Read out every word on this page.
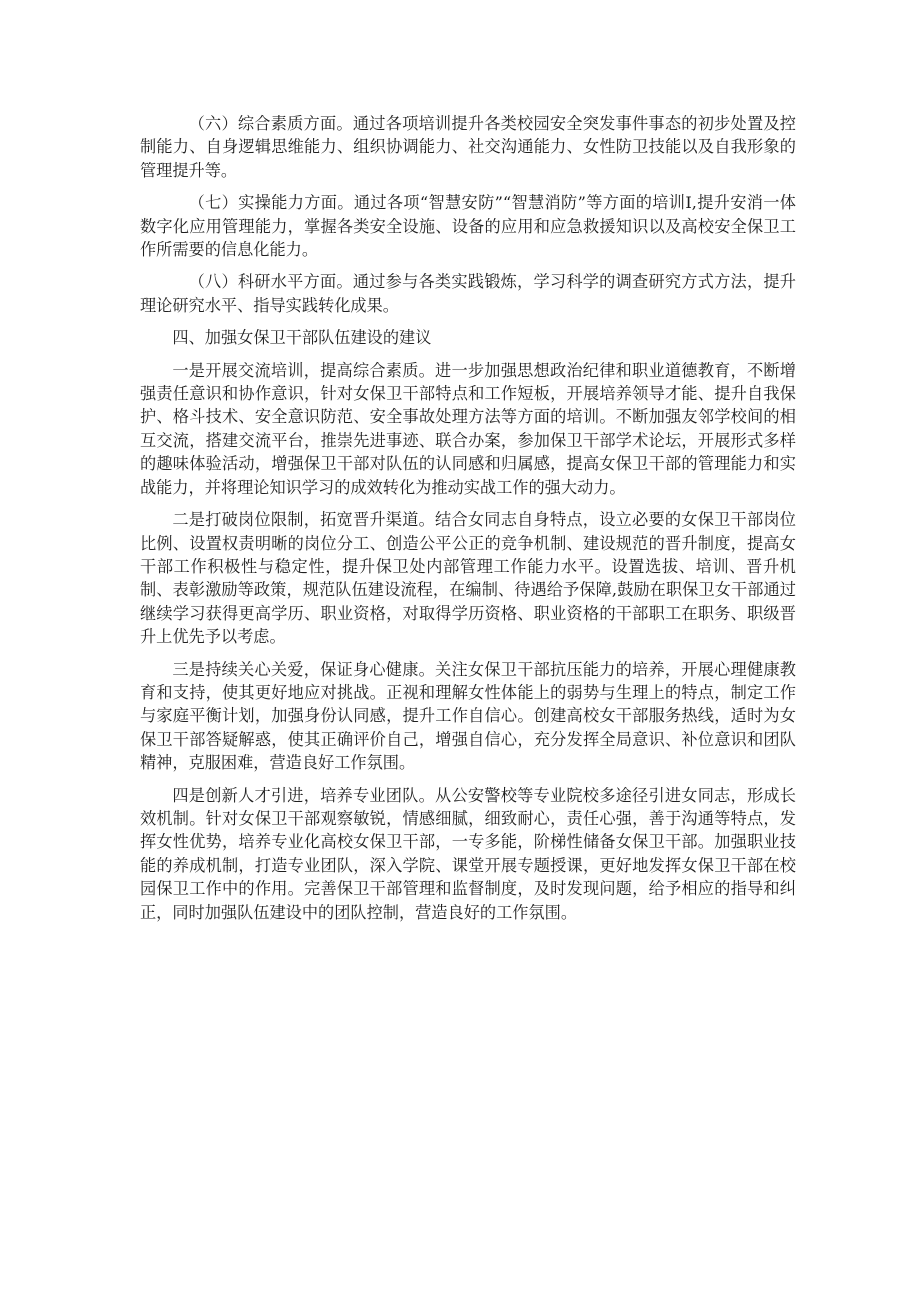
（六）综合素质方面。通过各项培训提升各类校园安全突发事件事态的初步处置及控制能力、自身逻辑思维能力、组织协调能力、社交沟通能力、女性防卫技能以及自我形象的管理提升等。

（七）实操能力方面。通过各项“智慧安防”“智慧消防”等方面的培训I,提升安消一体数字化应用管理能力，掌握各类安全设施、设备的应用和应急救援知识以及高校安全保卫工作所需要的信息化能力。

（八）科研水平方面。通过参与各类实践锻炼，学习科学的调查研究方式方法，提升理论研究水平、指导实践转化成果。

四、加强女保卫干部队伍建设的建议

一是开展交流培训，提高综合素质。进一步加强思想政治纪律和职业道德教育，不断增强责任意识和协作意识，针对女保卫干部特点和工作短板，开展培养领导才能、提升自我保护、格斗技术、安全意识防范、安全事故处理方法等方面的培训。不断加强友邻学校间的相互交流，搭建交流平台，推崇先进事迹、联合办案，参加保卫干部学术论坛，开展形式多样的趣味体验活动，增强保卫干部对队伍的认同感和归属感，提高女保卫干部的管理能力和实战能力，并将理论知识学习的成效转化为推动实战工作的强大动力。

二是打破岗位限制，拓宽晋升渠道。结合女同志自身特点，设立必要的女保卫干部岗位比例、设置权责明晰的岗位分工、创造公平公正的竞争机制、建设规范的晋升制度，提高女干部工作积极性与稳定性，提升保卫处内部管理工作能力水平。设置选拔、培训、晋升机制、表彰激励等政策，规范队伍建设流程，在编制、待遇给予保障,鼓励在职保卫女干部通过继续学习获得更高学历、职业资格，对取得学历资格、职业资格的干部职工在职务、职级晋升上优先予以考虑。

三是持续关心关爱，保证身心健康。关注女保卫干部抗压能力的培养，开展心理健康教育和支持，使其更好地应对挑战。正视和理解女性体能上的弱势与生理上的特点，制定工作与家庭平衡计划，加强身份认同感，提升工作自信心。创建高校女干部服务热线，适时为女保卫干部答疑解惑，使其正确评价自己，增强自信心，充分发挥全局意识、补位意识和团队精神，克服困难，营造良好工作氛围。

四是创新人才引进，培养专业团队。从公安警校等专业院校多途径引进女同志，形成长效机制。针对女保卫干部观察敏锐，情感细腻，细致耐心，责任心强，善于沟通等特点，发挥女性优势，培养专业化高校女保卫干部，一专多能，阶梯性储备女保卫干部。加强职业技能的养成机制，打造专业团队，深入学院、课堂开展专题授课，更好地发挥女保卫干部在校园保卫工作中的作用。完善保卫干部管理和监督制度，及时发现问题，给予相应的指导和纠正，同时加强队伍建设中的团队控制，营造良好的工作氛围。
